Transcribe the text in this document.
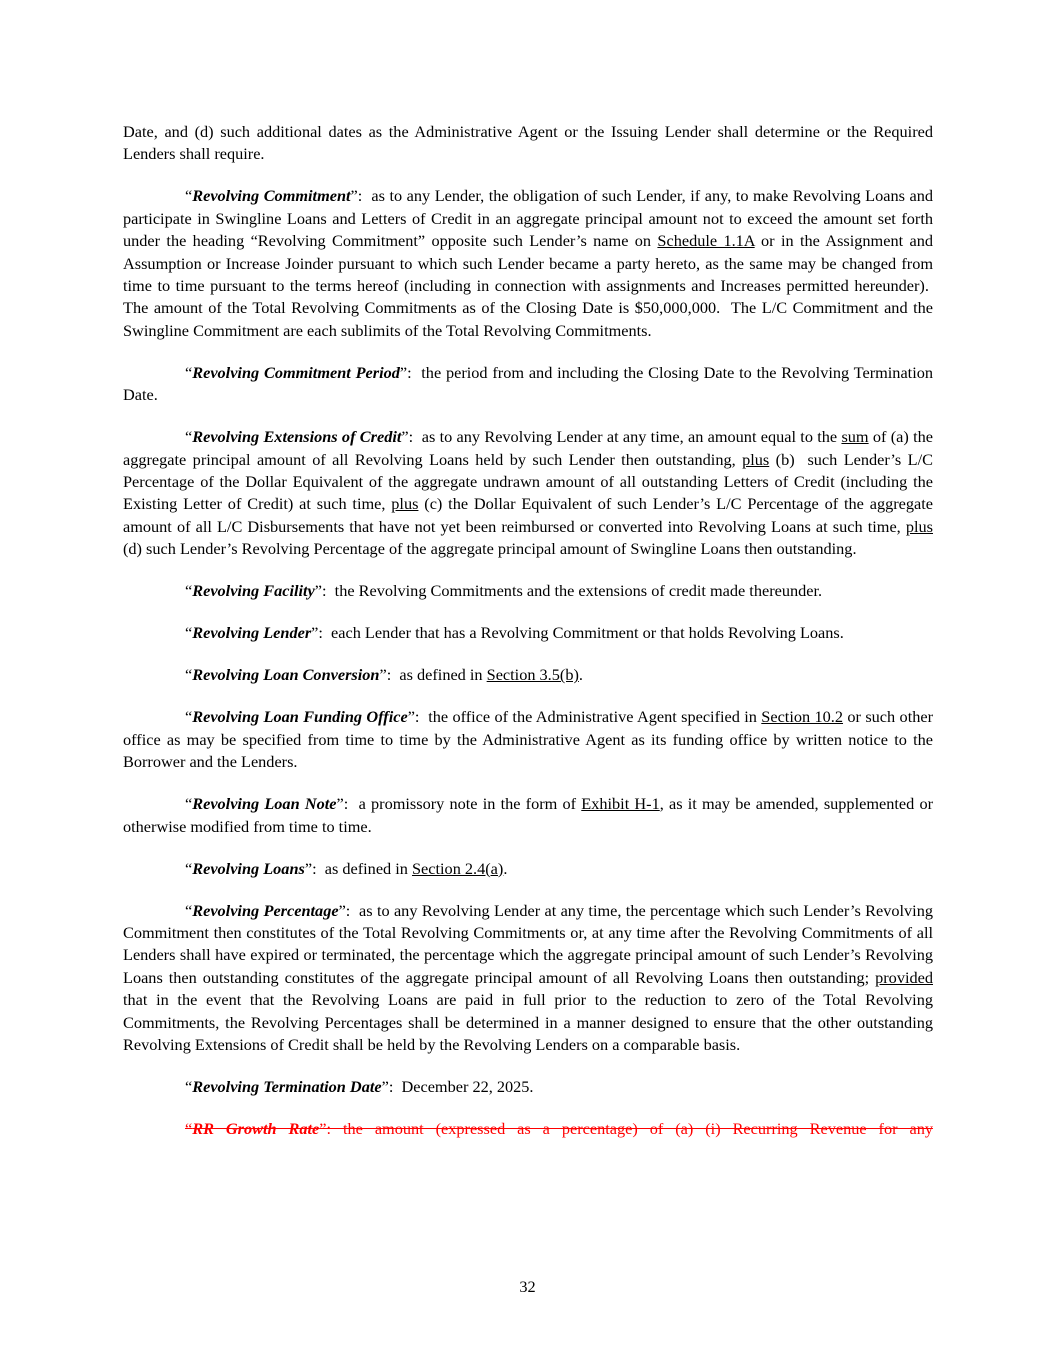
Date, and (d) such additional dates as the Administrative Agent or the Issuing Lender shall determine or the Required Lenders shall require.

“Revolving Commitment”:  as to any Lender, the obligation of such Lender, if any, to make Revolving Loans and participate in Swingline Loans and Letters of Credit in an aggregate principal amount not to exceed the amount set forth under the heading “Revolving Commitment” opposite such Lender’s name on Schedule 1.1A or in the Assignment and Assumption or Increase Joinder pursuant to which such Lender became a party hereto, as the same may be changed from time to time pursuant to the terms hereof (including in connection with assignments and Increases permitted hereunder).  The amount of the Total Revolving Commitments as of the Closing Date is $50,000,000.  The L/C Commitment and the Swingline Commitment are each sublimits of the Total Revolving Commitments.

“Revolving Commitment Period”:  the period from and including the Closing Date to the Revolving Termination Date.

“Revolving Extensions of Credit”:  as to any Revolving Lender at any time, an amount equal to the sum of (a) the aggregate principal amount of all Revolving Loans held by such Lender then outstanding, plus (b)  such Lender’s L/C Percentage of the Dollar Equivalent of the aggregate undrawn amount of all outstanding Letters of Credit (including the Existing Letter of Credit) at such time, plus (c) the Dollar Equivalent of such Lender’s L/C Percentage of the aggregate amount of all L/C Disbursements that have not yet been reimbursed or converted into Revolving Loans at such time, plus (d) such Lender’s Revolving Percentage of the aggregate principal amount of Swingline Loans then outstanding.

“Revolving Facility”:  the Revolving Commitments and the extensions of credit made thereunder.

“Revolving Lender”:  each Lender that has a Revolving Commitment or that holds Revolving Loans.

“Revolving Loan Conversion”:  as defined in Section 3.5(b).

“Revolving Loan Funding Office”:  the office of the Administrative Agent specified in Section 10.2 or such other office as may be specified from time to time by the Administrative Agent as its funding office by written notice to the Borrower and the Lenders.

“Revolving Loan Note”:  a promissory note in the form of Exhibit H-1, as it may be amended, supplemented or otherwise modified from time to time.

“Revolving Loans”:  as defined in Section 2.4(a).

“Revolving Percentage”:  as to any Revolving Lender at any time, the percentage which such Lender’s Revolving Commitment then constitutes of the Total Revolving Commitments or, at any time after the Revolving Commitments of all Lenders shall have expired or terminated, the percentage which the aggregate principal amount of such Lender’s Revolving Loans then outstanding constitutes of the aggregate principal amount of all Revolving Loans then outstanding; provided that in the event that the Revolving Loans are paid in full prior to the reduction to zero of the Total Revolving Commitments, the Revolving Percentages shall be determined in a manner designed to ensure that the other outstanding Revolving Extensions of Credit shall be held by the Revolving Lenders on a comparable basis.

“Revolving Termination Date”:  December 22, 2025.

“RR Growth Rate”: the amount (expressed as a percentage) of (a) (i) Recurring Revenue for any

32
